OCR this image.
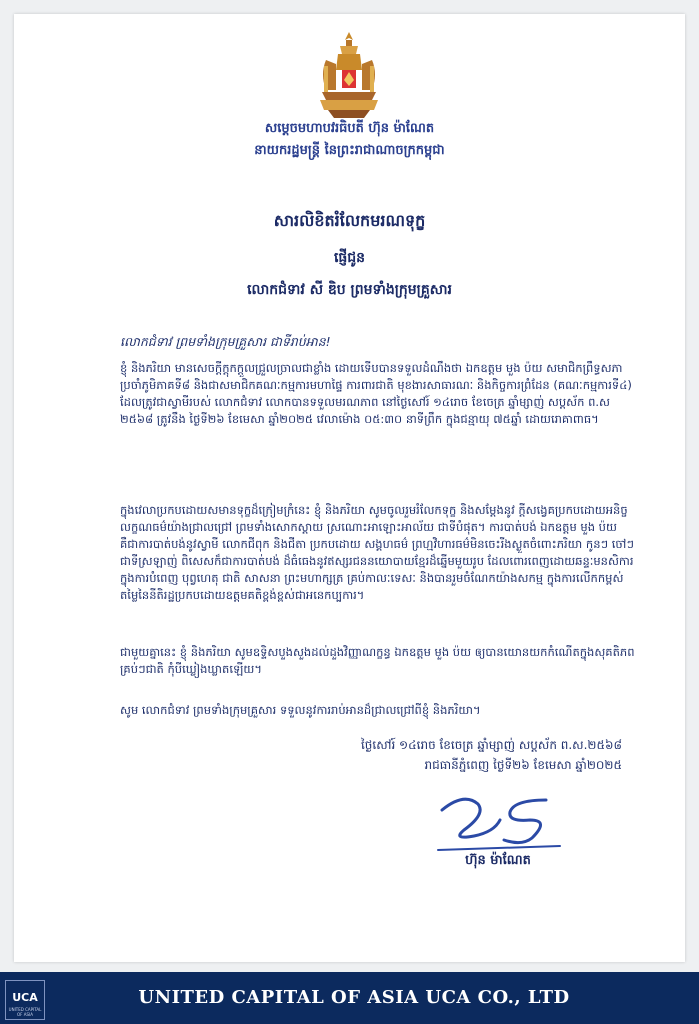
សម្តេចមហាបវរធិបតី ហ៊ុន ម៉ាណែត
នាយករដ្ឋមន្ត្រី នៃព្រះរាជាណាចក្រកម្ពុជា
សារលិខិតរំលែកមរណទុក្ខ
ផ្ញើជូន
លោកជំទាវ សី ឌិប ព្រមទាំងក្រុមគ្រួសារ
លោកជំទាវ ព្រមទាំងក្រុមគ្រួសារ ជាទីរាប់អាន!
ខ្ញុំ និងភរិយា មានសេចក្តីក្តុកក្តួលជ្រួលច្រាលជាខ្លាំង ដោយទើបបានទទួលដំណឹងថា ឯកឧត្តម មួង ប៉យ សមាជិកព្រឹទ្ធសភាប្រចាំភូមិភាគទី៨ និងជាសមាជិកគណៈកម្មការមហាផ្ទៃ ការពារជាតិ មុខងារសាធារណៈ និងកិច្ចការព្រំដែន (គណៈកម្មការទី៤) ដែលត្រូវជាស្វាមីរបស់ លោកជំទាវ លោកបានទទួលមរណភាព នៅថ្ងៃសៅរ៍ ១៤រោច ខែចេត្រ ឆ្នាំម្សាញ់ សប្តស័ក ព.ស ២៥៦៨ ត្រូវនឹង ថ្ងៃទី២៦ ខែមេសា ឆ្នាំ២០២៥ វេលាម៉ោង ០៥:៣០ នាទីព្រឹក ក្នុងជន្មាយុ ៧៥ឆ្នាំ ដោយរោគាពាធ។
ក្នុងវេលាប្រកបដោយសមានទុក្ខដ៏ក្រៀមក្រំនេះ ខ្ញុំ និងភរិយា សូមចូលរួមរំលែកទុក្ខ និងសម្តែងនូវ ក្តីសង្វេគប្រកបដោយអនិច្ចលក្ខណធម៌យ៉ាងជ្រាលជ្រៅ ព្រមទាំងសោកស្តាយ ស្រណោះអាឡោះអាល័យ ជាទីបំផុត។ ការបាត់បង់ ឯកឧត្តម មួង ប៉យ គឺជាការបាត់បង់នូវស្វាមី លោកជីពុក និងជីតា ប្រកបដោយ សង្គហធម៌ ព្រហ្មវិហារធម៌មិនចេះរីងស្ងួតចំពោះភរិយា កូនៗ ចៅៗជាទីស្រឡាញ់ ពិសេសក៏ជាការបាត់បង់ ដ៏ធំធេងនូវឥស្សរជននយោបាយខ្មែរដ៏ឆ្នើមមួយរូប ដែលពោរពេញដោយឆន្ទៈមនសិការក្នុងការបំពេញ បុព្វហេតុ ជាតិ សាសនា ព្រះមហាក្សត្រ គ្រប់កាលៈទេសៈ និងបានរួមចំណែកយ៉ាងសកម្ម ក្នុងការលើកកម្ពស់តម្លៃនៃនីតិរដ្ឋប្រកបដោយឧត្តមគតិខ្ពង់ខ្ពស់ជាអនេកប្បការ។
ជាមួយគ្នានេះ ខ្ញុំ និងភរិយា សូមឧទ្ទិសបួងសួងដល់ដួងវិញ្ញាណក្ខន្ធ ឯកឧត្តម មួង ប៉យ ឲ្យបានយោនយកកំណើតក្នុងសុគតិភពគ្រប់ៗជាតិ កុំបីឃ្លៀងឃ្លាតឡើយ។
សូម លោកជំទាវ ព្រមទាំងក្រុមគ្រួសារ ទទួលនូវការរាប់អានដ៏ជ្រាលជ្រៅពីខ្ញុំ និងភរិយា។
ថ្ងៃសៅរ៍ ១៤រោច ខែចេត្រ ឆ្នាំម្សាញ់ សប្តស័ក ព.ស.២៥៦៨
រាជធានីភ្នំពេញ ថ្ងៃទី២៦ ខែមេសា ឆ្នាំ២០២៥
ហ៊ុន ម៉ាណែត
UCA
UNITED CAPITAL OF ASIA
UNITED CAPITAL OF ASIA UCA CO., LTD
